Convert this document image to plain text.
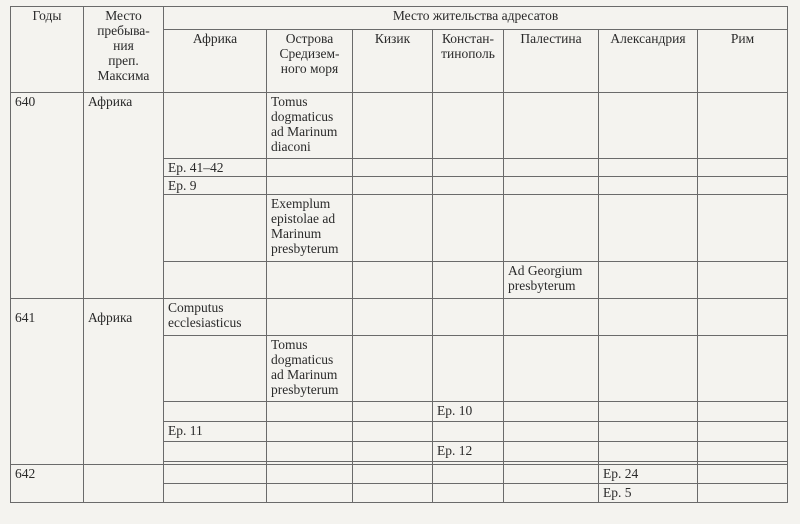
Годы	Место
пребыва-
ния
преп.
Максима	Место жительства адресатов						
		Африка	Острова
Средизем-
ного моря	Кизик	Констан-
тинополь	Палестина	Александрия	Рим
640	Африка		Tomus
dogmaticus
ad Marinum
diaconi					

		Ep. 41–42						
		Ep. 9						

			Exemplum
epistolae ad
Marinum
presbyterum					

						Ad Georgium
presbyterum		

641	Африка	Computus
ecclesiasticus						

			Tomus
dogmaticus
ad Marinum
presbyterum					

					Ep. 10			
		Ep. 11						
					Ep. 12			

642							Ep. 24	
							Ep. 5	
